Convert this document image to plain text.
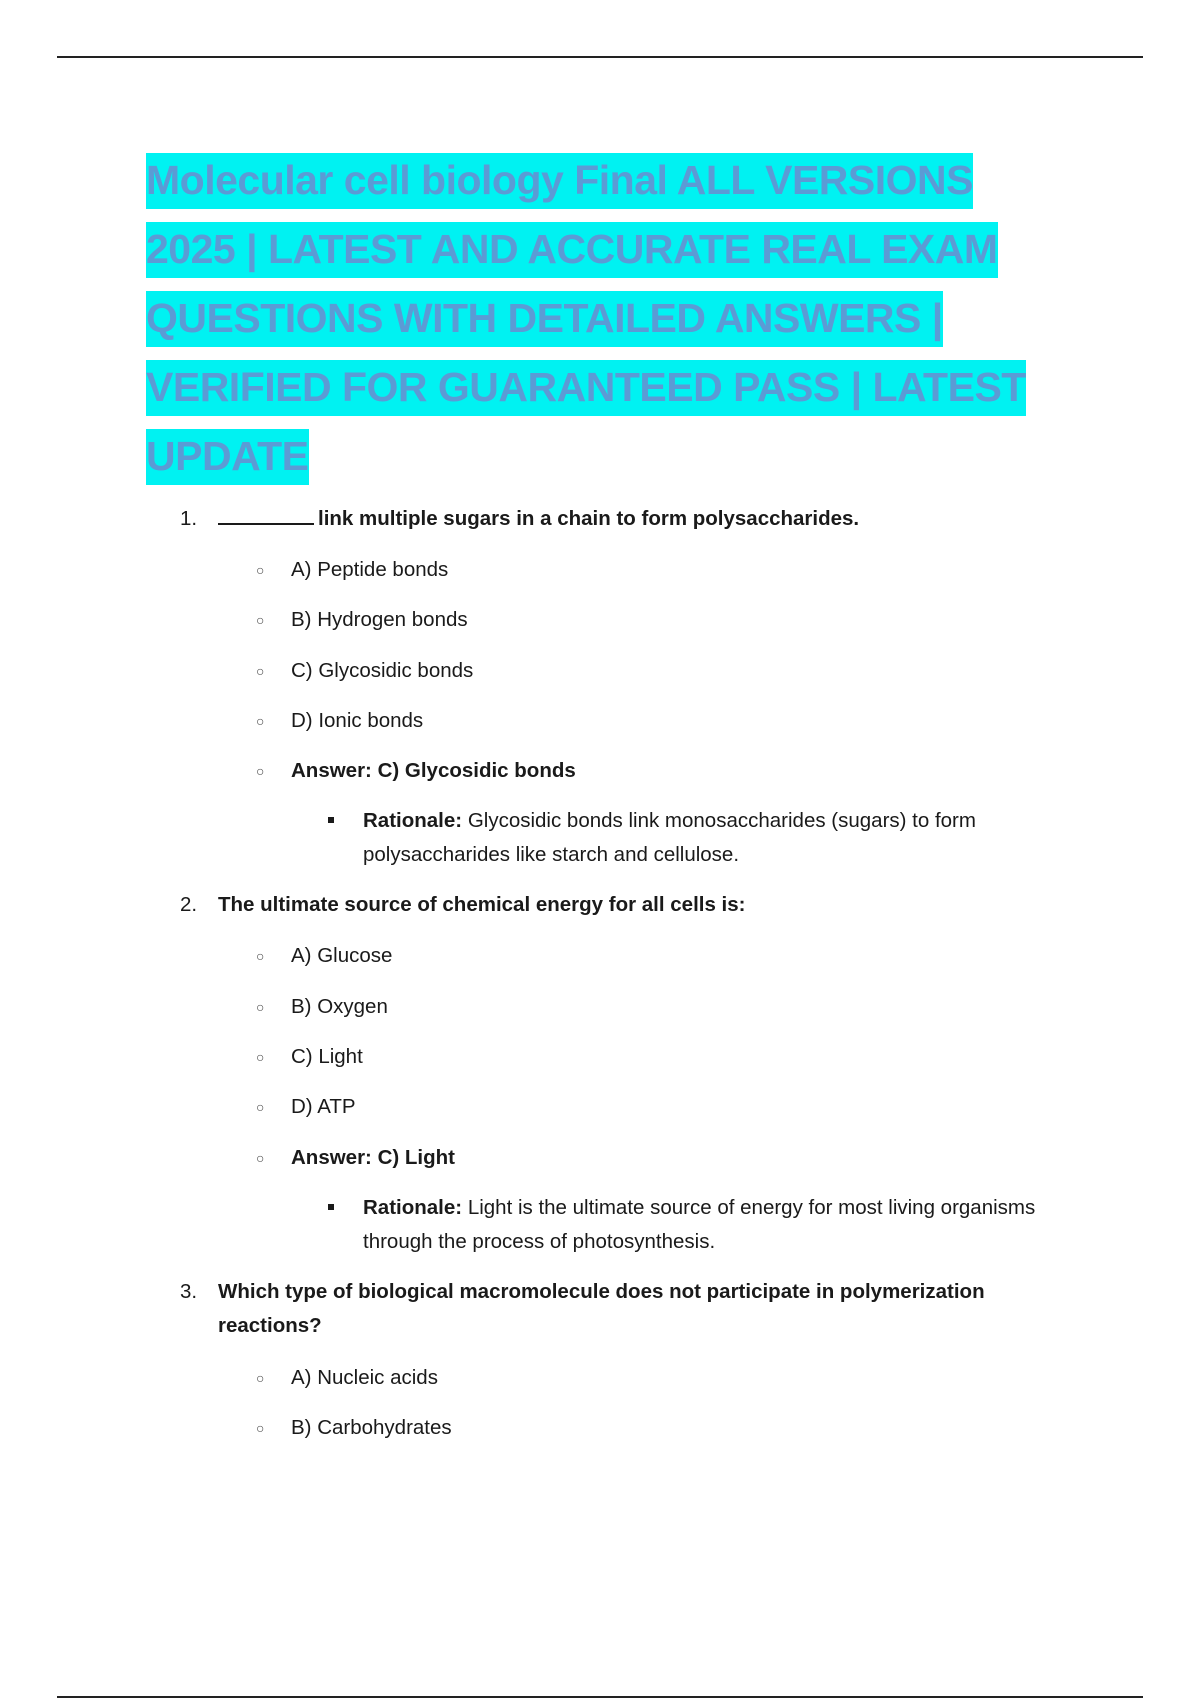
Molecular cell biology Final ALL VERSIONS
2025 | LATEST AND ACCURATE REAL EXAM
QUESTIONS WITH DETAILED ANSWERS |
VERIFIED FOR GUARANTEED PASS | LATEST
UPDATE
1.	link multiple sugars in a chain to form polysaccharides.
○ A) Peptide bonds
○ B) Hydrogen bonds
○ C) Glycosidic bonds
○ D) Ionic bonds
○ Answer: C) Glycosidic bonds
Rationale: Glycosidic bonds link monosaccharides (sugars) to form polysaccharides like starch and cellulose.
2. The ultimate source of chemical energy for all cells is:
○ A) Glucose
○ B) Oxygen
○ C) Light
○ D) ATP
○ Answer: C) Light
Rationale: Light is the ultimate source of energy for most living organisms through the process of photosynthesis.
3. Which type of biological macromolecule does not participate in polymerization reactions?
○ A) Nucleic acids
○ B) Carbohydrates
